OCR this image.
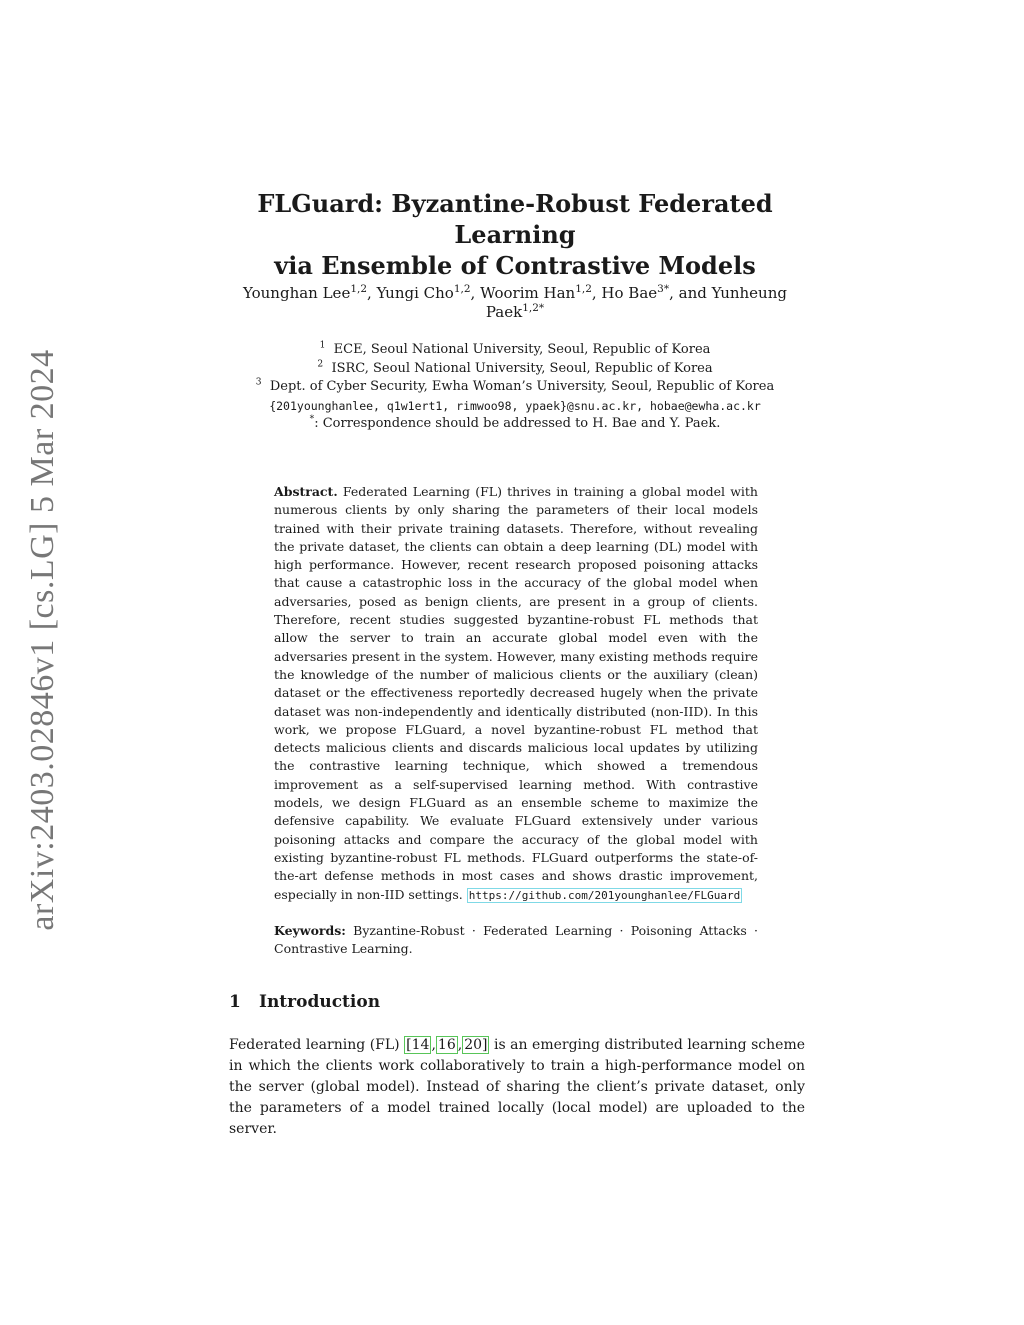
arXiv:2403.02846v1 [cs.LG] 5 Mar 2024
FLGuard: Byzantine-Robust Federated Learning
via Ensemble of Contrastive Models
Younghan Lee$^{1,2}$, Yungi Cho$^{1,2}$, Woorim Han$^{1,2}$, Ho Bae$^{3*}$, and Yunheung
Paek$^{1,2*}$
$^1$ ECE, Seoul National University, Seoul, Republic of Korea
$^2$ ISRC, Seoul National University, Seoul, Republic of Korea
$^3$ Dept. of Cyber Security, Ewha Woman’s University, Seoul, Republic of Korea
{201younghanlee, q1w1ert1, rimwoo98, ypaek}@snu.ac.kr, hobae@ewha.ac.kr
*: Correspondence should be addressed to H. Bae and Y. Paek.
Abstract. Federated Learning (FL) thrives in training a global model with numerous clients by only sharing the parameters of their local models trained with their private training datasets. Therefore, without revealing the private dataset, the clients can obtain a deep learning (DL) model with high performance. However, recent research proposed poisoning attacks that cause a catastrophic loss in the accuracy of the global model when adversaries, posed as benign clients, are present in a group of clients. Therefore, recent studies suggested byzantine-robust FL methods that allow the server to train an accurate global model even with the adversaries present in the system. However, many existing methods require the knowledge of the number of malicious clients or the auxiliary (clean) dataset or the effectiveness reportedly decreased hugely when the private dataset was non-independently and identically distributed (non-IID). In this work, we propose FLGuard, a novel byzantine-robust FL method that detects malicious clients and discards malicious local updates by utilizing the contrastive learning technique, which showed a tremendous improvement as a self-supervised learning method. With contrastive models, we design FLGuard as an ensemble scheme to maximize the defensive capability. We evaluate FLGuard extensively under various poisoning attacks and compare the accuracy of the global model with existing byzantine-robust FL methods. FLGuard outperforms the state-of-the-art defense methods in most cases and shows drastic improvement, especially in non-IID settings. https://github.com/201younghanlee/FLGuard
Keywords: Byzantine-Robust · Federated Learning · Poisoning Attacks · Contrastive Learning.
1 Introduction
Federated learning (FL) [14 , 16 , 20] is an emerging distributed learning scheme in which the clients work collaboratively to train a high-performance model on the server (global model). Instead of sharing the client’s private dataset, only the parameters of a model trained locally (local model) are uploaded to the server.
